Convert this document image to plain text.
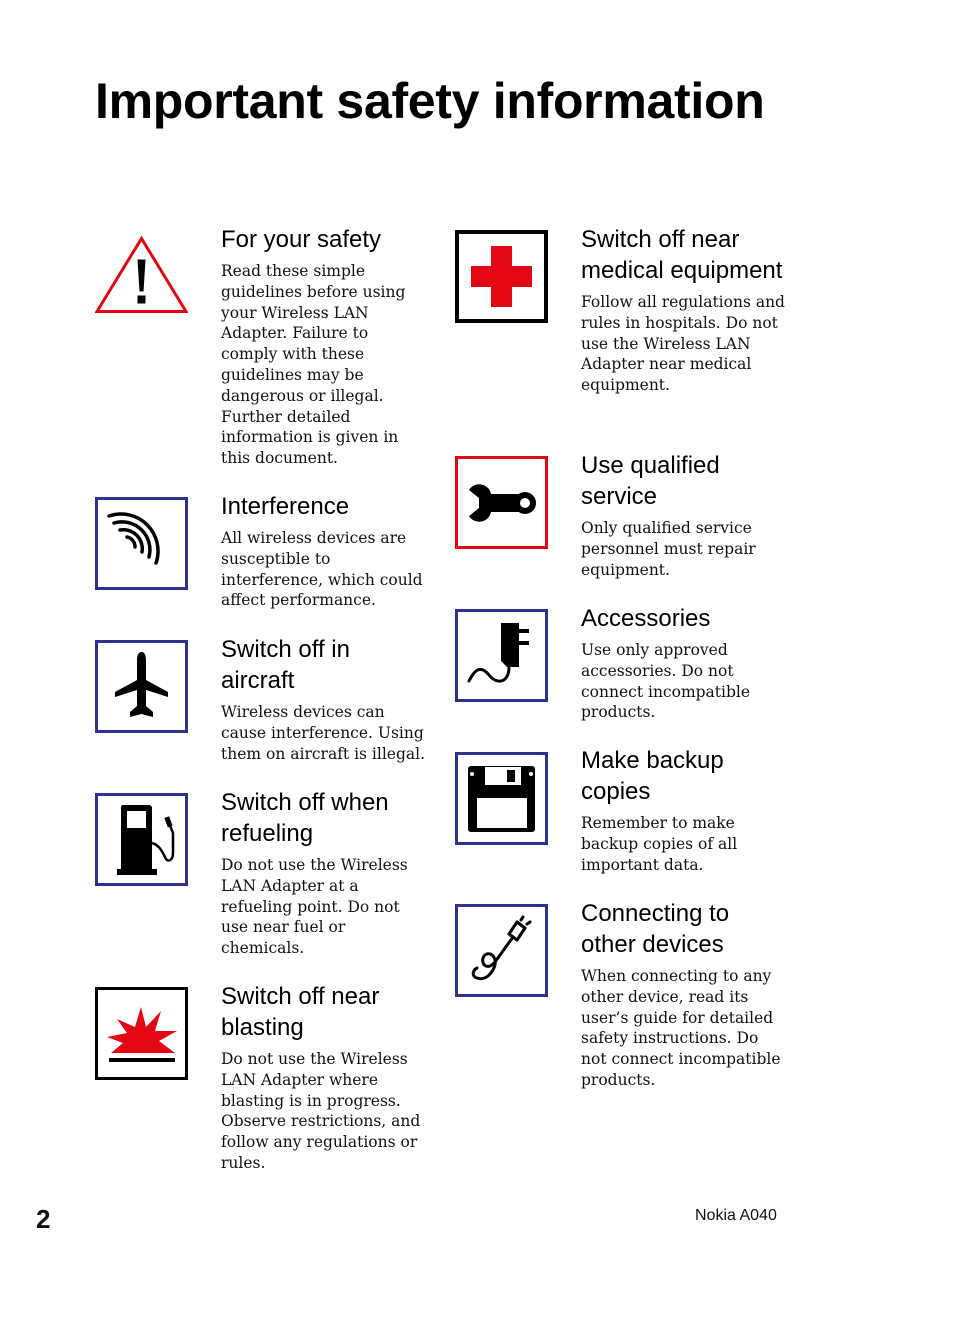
Important safety information
For your safety

Read these simple guidelines before using your Wireless LAN Adapter. Failure to comply with these guidelines may be dangerous or illegal. Further detailed information is given in this document.

Interference

All wireless devices are susceptible to interference, which could affect performance.

Switch off in aircraft

Wireless devices can cause interference. Using them on aircraft is illegal.

Switch off when refueling

Do not use the Wireless LAN Adapter at a refueling point. Do not use near fuel or chemicals.

Switch off near blasting

Do not use the Wireless LAN Adapter where blasting is in progress. Observe restrictions, and follow any regulations or rules.

Switch off near medical equipment

Follow all regulations and rules in hospitals. Do not use the Wireless LAN Adapter near medical equipment.

Use qualified service

Only qualified service personnel must repair equipment.

Accessories

Use only approved accessories. Do not connect incompatible products.

Make backup copies

Remember to make backup copies of all important data.

Connecting to other devices

When connecting to any other device, read its user’s guide for detailed safety instructions. Do not connect incompatible products.

2	Nokia A040
